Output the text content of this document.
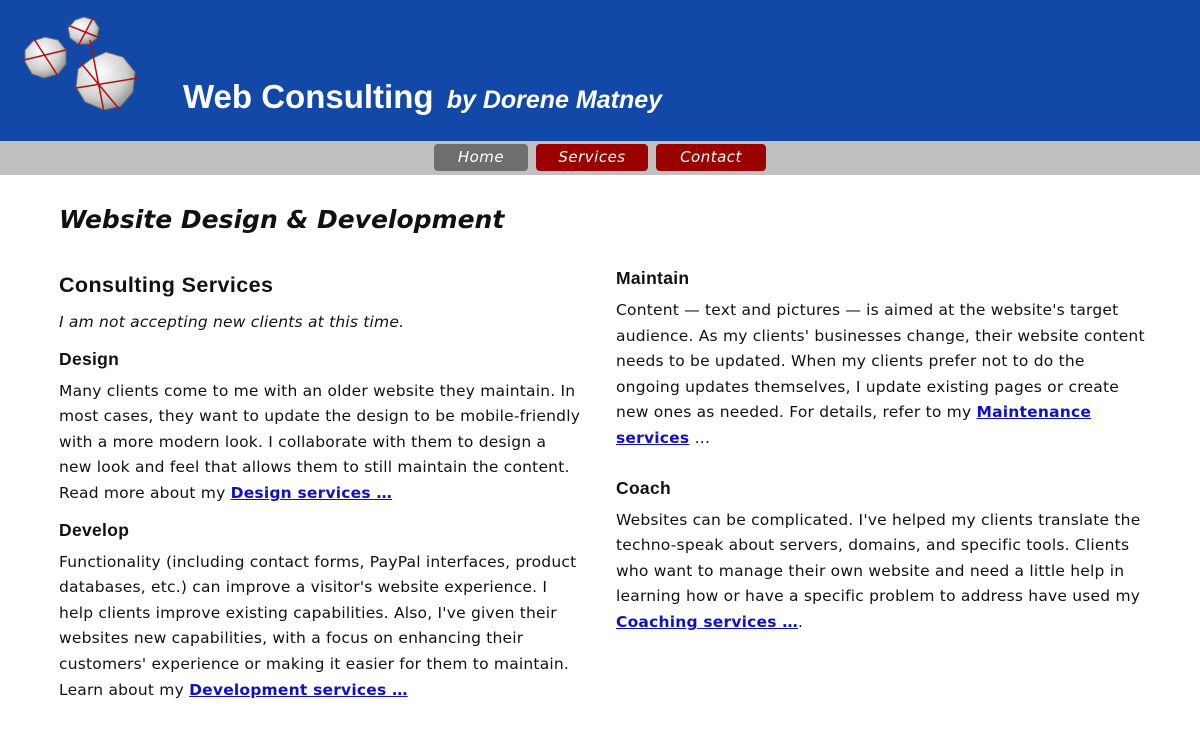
Web Consulting by Dorene Matney
Home	Services	Contact
Website Design & Development
Consulting Services

I am not accepting new clients at this time.

Design

Many clients come to me with an older website they maintain. In most cases, they want to update the design to be mobile-friendly with a more modern look. I collaborate with them to design a new look and feel that allows them to still maintain the content. Read more about my Design services …

Develop

Functionality (including contact forms, PayPal interfaces, product databases, etc.) can improve a visitor's website experience. I help clients improve existing capabilities. Also, I've given their websites new capabilities, with a focus on enhancing their customers' experience or making it easier for them to maintain. Learn about my Development services …

Maintain

Content — text and pictures — is aimed at the website's target audience. As my clients' businesses change, their website content needs to be updated. When my clients prefer not to do the ongoing updates themselves, I update existing pages or create new ones as needed. For details, refer to my Maintenance services …

Coach

Websites can be complicated. I've helped my clients translate the techno-speak about servers, domains, and specific tools. Clients who want to manage their own website and need a little help in learning how or have a specific problem to address have used my Coaching services ….
